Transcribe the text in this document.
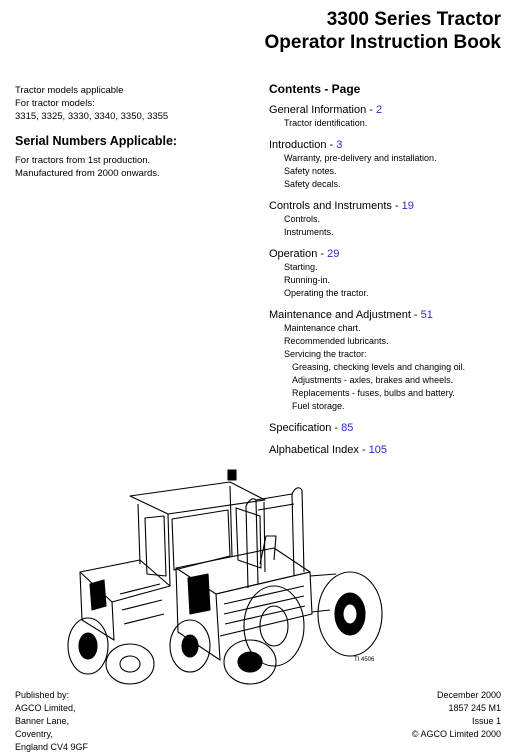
3300 Series Tractor
Operator Instruction Book
Tractor models applicable
For tractor models:
3315, 3325, 3330, 3340, 3350, 3355
Serial Numbers Applicable:
For tractors from 1st production.
Manufactured from 2000 onwards.
Contents - Page
General Information - 2
Tractor identification.
Introduction - 3
Warranty, pre-delivery and installation.
Safety notes.
Safety decals.
Controls and Instruments - 19
Controls.
Instruments.
Operation - 29
Starting.
Running-in.
Operating the tractor.
Maintenance and Adjustment - 51
Maintenance chart.
Recommended lubricants.
Servicing the tractor:
Greasing, checking levels and changing oil.
Adjustments - axles, brakes and wheels.
Replacements - fuses, bulbs and battery.
Fuel storage.
Specification - 85
Alphabetical Index - 105
TI 4506
Published by:
AGCO Limited,
Banner Lane,
Coventry,
England CV4 9GF
December 2000
1857 245 M1
Issue 1
© AGCO Limited 2000
